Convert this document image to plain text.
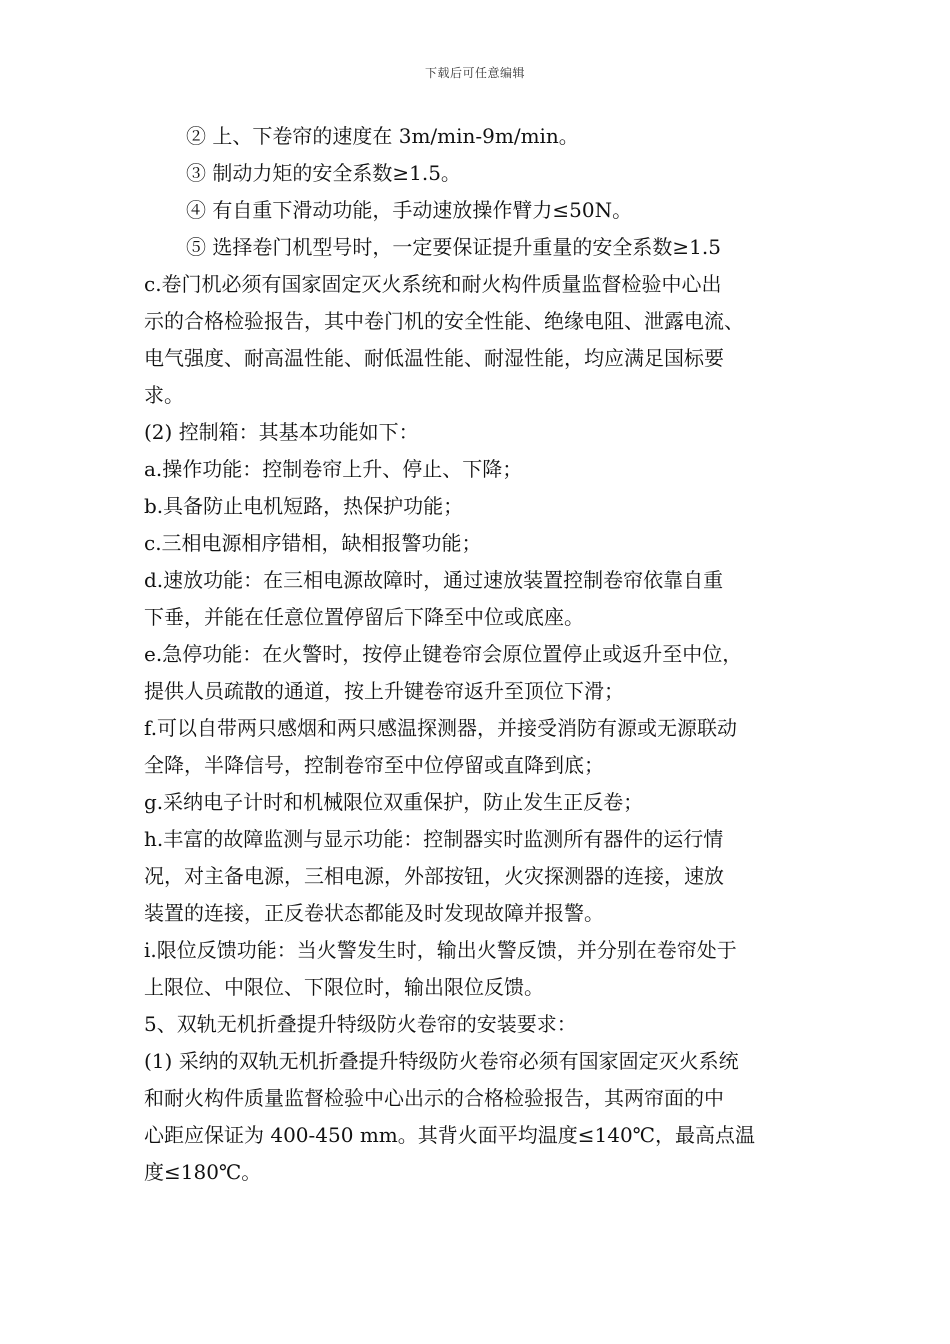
下载后可任意编辑
② 上、下卷帘的速度在 3m/min-9m/min。
③ 制动力矩的安全系数≥1.5。
④ 有自重下滑动功能，手动速放操作臂力≤50N。
⑤ 选择卷门机型号时，一定要保证提升重量的安全系数≥1.5
c.卷门机必须有国家固定灭火系统和耐火构件质量监督检验中心出
示的合格检验报告，其中卷门机的安全性能、绝缘电阻、泄露电流、
电气强度、耐高温性能、耐低温性能、耐湿性能，均应满足国标要
求。
(2) 控制箱：其基本功能如下：
a.操作功能：控制卷帘上升、停止、下降；
b.具备防止电机短路，热保护功能；
c.三相电源相序错相，缺相报警功能；
d.速放功能：在三相电源故障时，通过速放装置控制卷帘依靠自重
下垂，并能在任意位置停留后下降至中位或底座。
e.急停功能：在火警时，按停止键卷帘会原位置停止或返升至中位，
提供人员疏散的通道，按上升键卷帘返升至顶位下滑；
f.可以自带两只感烟和两只感温探测器，并接受消防有源或无源联动
全降，半降信号，控制卷帘至中位停留或直降到底；
g.采纳电子计时和机械限位双重保护，防止发生正反卷；
h.丰富的故障监测与显示功能：控制器实时监测所有器件的运行情
况，对主备电源，三相电源，外部按钮，火灾探测器的连接，速放
装置的连接，正反卷状态都能及时发现故障并报警。
i.限位反馈功能：当火警发生时，输出火警反馈，并分别在卷帘处于
上限位、中限位、下限位时，输出限位反馈。
5、双轨无机折叠提升特级防火卷帘的安装要求：
(1) 采纳的双轨无机折叠提升特级防火卷帘必须有国家固定灭火系统
和耐火构件质量监督检验中心出示的合格检验报告，其两帘面的中
心距应保证为 400-450 mm。其背火面平均温度≤140℃，最高点温
度≤180℃。
